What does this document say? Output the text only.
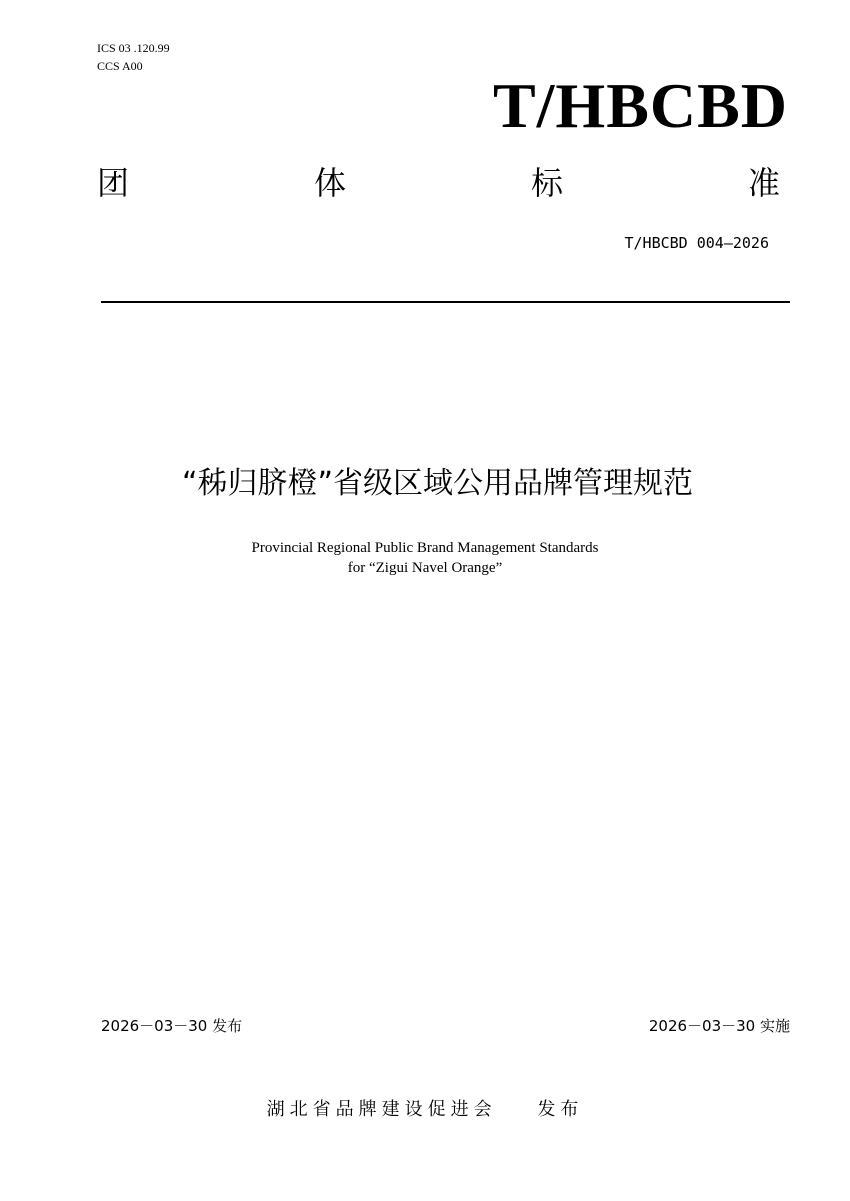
ICS 03 .120.99
CCS A00
T/HBCBD
团	体	标	准
T/HBCBD 004—2026
“秭归脐橙”省级区域公用品牌管理规范
Provincial Regional Public Brand Management Standards
for “Zigui Navel Orange”
2026－03－30 发布	2026－03－30 实施
湖北省品牌建设促进会 发布
